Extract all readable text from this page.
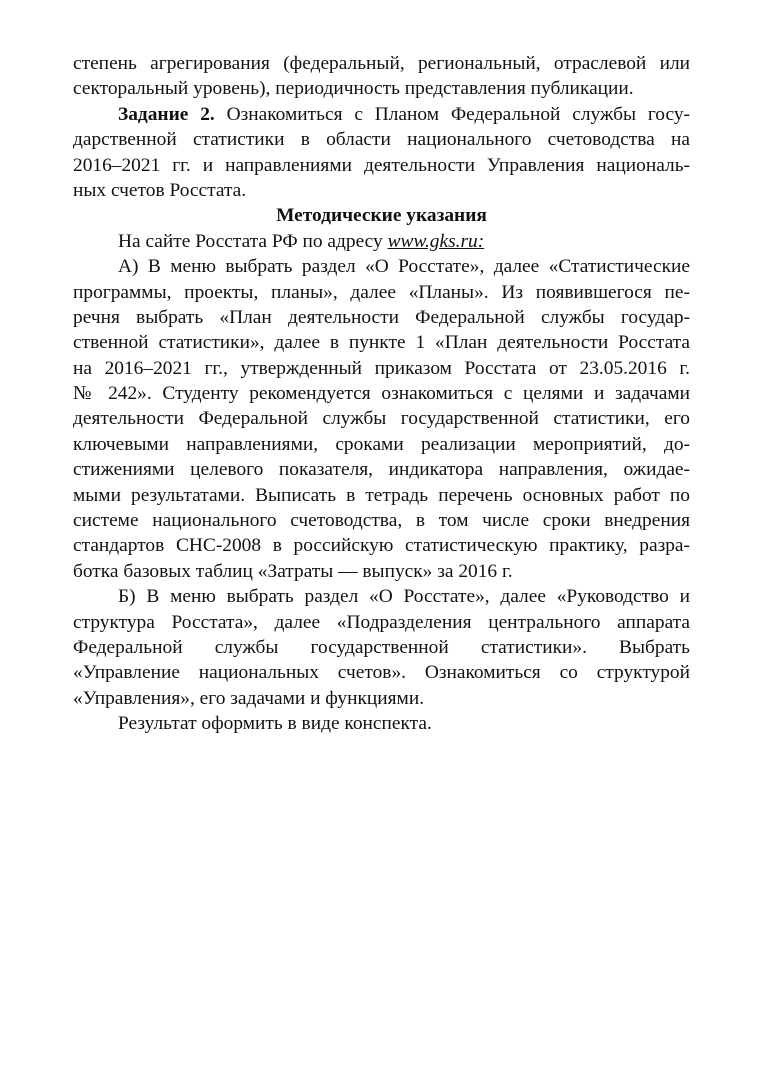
степень агрегирования (федеральный, региональный, отраслевой или
секторальный уровень), периодичность представления публикации.
Задание 2. Ознакомиться с Планом Федеральной службы госу-
дарственной статистики в области национального счетоводства на
2016–2021 гг. и направлениями деятельности Управления националь-
ных счетов Росстата.
Методические указания
На сайте Росстата РФ по адресу www.gks.ru:
А) В меню выбрать раздел «О Росстате», далее «Статистические
программы, проекты, планы», далее «Планы». Из появившегося пе-
речня выбрать «План деятельности Федеральной службы государ-
ственной статистики», далее в пункте 1 «План деятельности Росстата
на 2016–2021 гг., утвержденный приказом Росстата от 23.05.2016 г.
№ 242». Студенту рекомендуется ознакомиться с целями и задачами
деятельности Федеральной службы государственной статистики, его
ключевыми направлениями, сроками реализации мероприятий, до-
стижениями целевого показателя, индикатора направления, ожидае-
мыми результатами. Выписать в тетрадь перечень основных работ по
системе национального счетоводства, в том числе сроки внедрения
стандартов СНС-2008 в российскую статистическую практику, разра-
ботка базовых таблиц «Затраты — выпуск» за 2016 г.
Б) В меню выбрать раздел «О Росстате», далее «Руководство и
структура Росстата», далее «Подразделения центрального аппарата
Федеральной службы государственной статистики». Выбрать
«Управление национальных счетов». Ознакомиться со структурой
«Управления», его задачами и функциями.
Результат оформить в виде конспекта.
